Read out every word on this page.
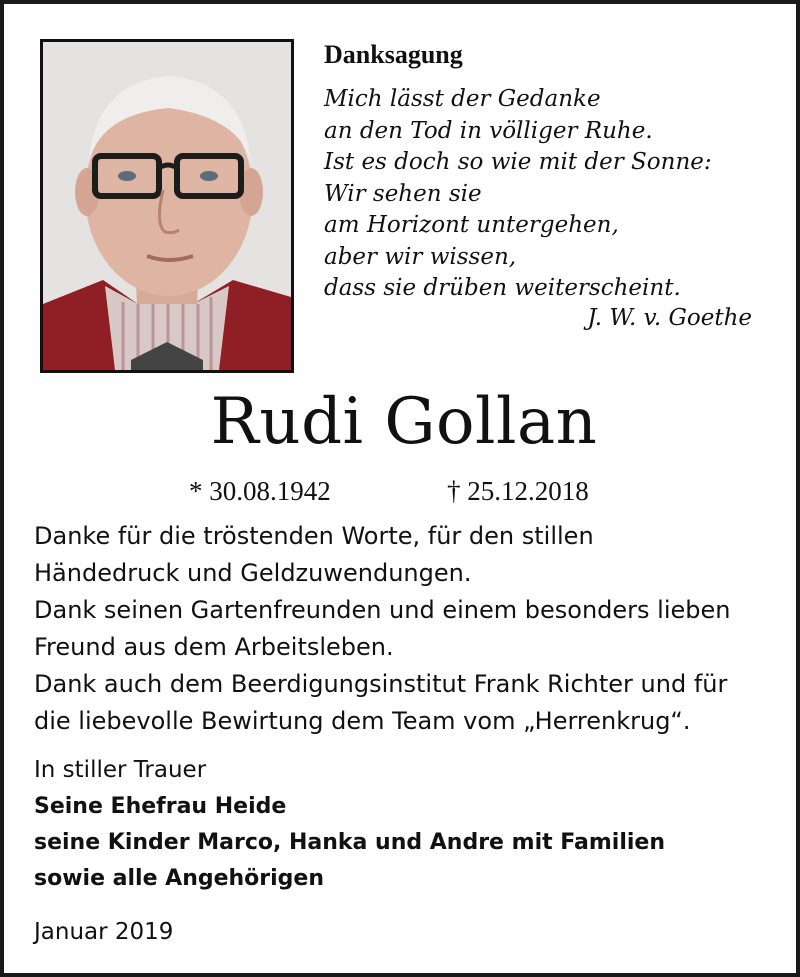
Danksagung
Mich lässt der Gedanke
an den Tod in völliger Ruhe.
Ist es doch so wie mit der Sonne:
Wir sehen sie
am Horizont untergehen,
aber wir wissen,
dass sie drüben weiterscheint.
J. W. v. Goethe
Rudi Gollan
* 30.08.1942	† 25.12.2018
Danke für die tröstenden Worte, für den stillen
Händedruck und Geldzuwendungen.
Dank seinen Gartenfreunden und einem besonders lieben
Freund aus dem Arbeitsleben.
Dank auch dem Beerdigungsinstitut Frank Richter und für
die liebevolle Bewirtung dem Team vom „Herrenkrug“.
In stiller Trauer
Seine Ehefrau Heide
seine Kinder Marco, Hanka und Andre mit Familien
sowie alle Angehörigen
Januar 2019
